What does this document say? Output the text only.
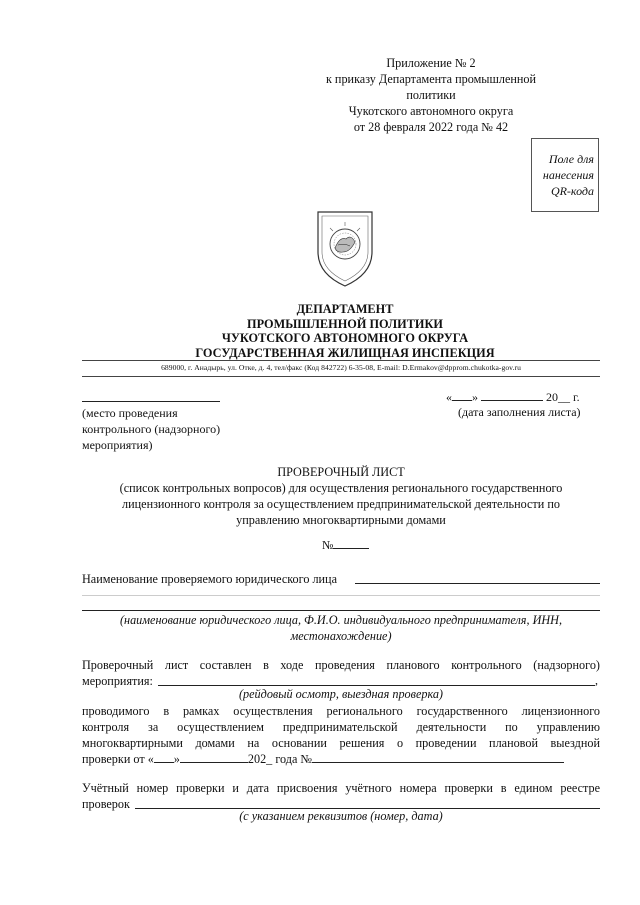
Приложение № 2
к приказу Департамента промышленной политики
Чукотского автономного округа
от 28 февраля 2022 года № 42
Поле для
нанесения
QR-кода
ДЕПАРТАМЕНТ
ПРОМЫШЛЕННОЙ ПОЛИТИКИ
ЧУКОТСКОГО АВТОНОМНОГО ОКРУГА
ГОСУДАРСТВЕННАЯ ЖИЛИЩНАЯ ИНСПЕКЦИЯ
689000, г. Анадырь, ул. Отке, д. 4, тел/факс (Код 842722) 6-35-08, E-mail: D.Ermakov@dpprom.chukotka-gov.ru
(место проведения
контрольного (надзорного)
мероприятия)
« »	20__ г.
(дата заполнения листа)
ПРОВЕРОЧНЫЙ ЛИСТ
(список контрольных вопросов) для осуществления регионального государственного
лицензионного контроля за осуществлением предпринимательской деятельности по
управлению многоквартирными домами
№
Наименование проверяемого юридического лица
(наименование юридического лица, Ф.И.О. индивидуального предпринимателя, ИНН,
местонахождение)
Проверочный лист составлен в ходе проведения планового контрольного (надзорного)
мероприятия:	,
(рейдовый осмотр, выездная проверка)
проводимого в рамках осуществления регионального государственного лицензионного
контроля за осуществлением предпринимательской деятельности по управлению
многоквартирными домами на основании решения о проведении плановой выездной
проверки от « »	202_ года №
Учётный номер проверки и дата присвоения учётного номера проверки в едином реестре
проверок
(с указанием реквизитов (номер, дата)
